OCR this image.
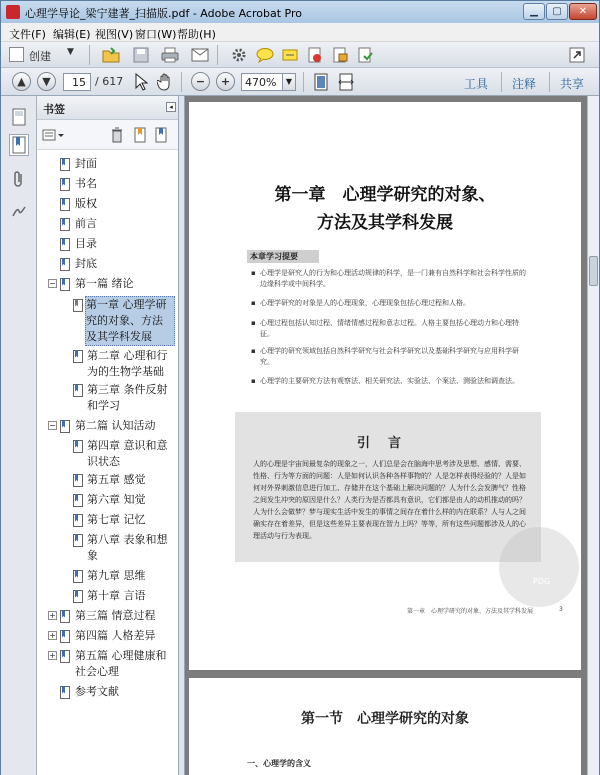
心理学导论_梁宁建著_扫描版.pdf - Adobe Acrobat Pro	▁	▢	✕
文件(F) 编辑(E) 视图(V) 窗口(W) 帮助(H)
创建 ▼
▲	▼	15 / 617	−	+	470%	▼	工具 注释 共享
书签	◂
封面
书名
版权
前言
目录
封底
− 第一篇 绪论
第一章 心理学研
究的对象、方法
及其学科发展
第二章 心理和行
为的生物学基础
第三章 条件反射
和学习
− 第二篇 认知活动
第四章 意识和意
识状态
第五章 感觉
第六章 知觉
第七章 记忆
第八章 表象和想
象
第九章 思维
第十章 言语
+ 第三篇 情意过程
+ 第四篇 人格差异
+ 第五篇 心理健康和
社会心理
参考文献
第一章　心理学研究的对象、
方法及其学科发展
本章学习提要
▪ 心理学是研究人的行为和心理活动规律的科学，是一门兼有自然科学和社会科学性质的边缘科学或中间科学。
▪ 心理学研究的对象是人的心理现象，心理现象包括心理过程和人格。
▪ 心理过程包括认知过程、情绪情感过程和意志过程。人格主要包括心理动力和心理特征。
▪ 心理学的研究领域包括自然科学研究与社会科学研究以及基础科学研究与应用科学研究。
▪ 心理学的主要研究方法有观察法、相关研究法、实验法、个案法、测验法和调查法。
引言
人的心理是宇宙间最复杂的现象之一，人们总是会在脑海中思考涉及思想、感情、需要、性格、行为等方面的问题：人是如何认识各种各样事物的？人是怎样表得经验的？人是如何对外界刺激信息进行加工、存储并在这个基础上解决问题的？人为什么会发脾气？性格之间发生冲突的原因是什么？人类行为是否都具有意识，它们都是由人的动机推动的吗？人为什么会做梦？梦与现实生活中发生的事情之间存在着什么样的内在联系？人与人之间确实存在着差异，但是这些差异主要表现在智力上吗？等等，所有这些问题都涉及人的心理活动与行为表现。
PDG
第一章　心理学研究的对象、方法及其学科发展	3
第一节　心理学研究的对象
一、心理学的含义
